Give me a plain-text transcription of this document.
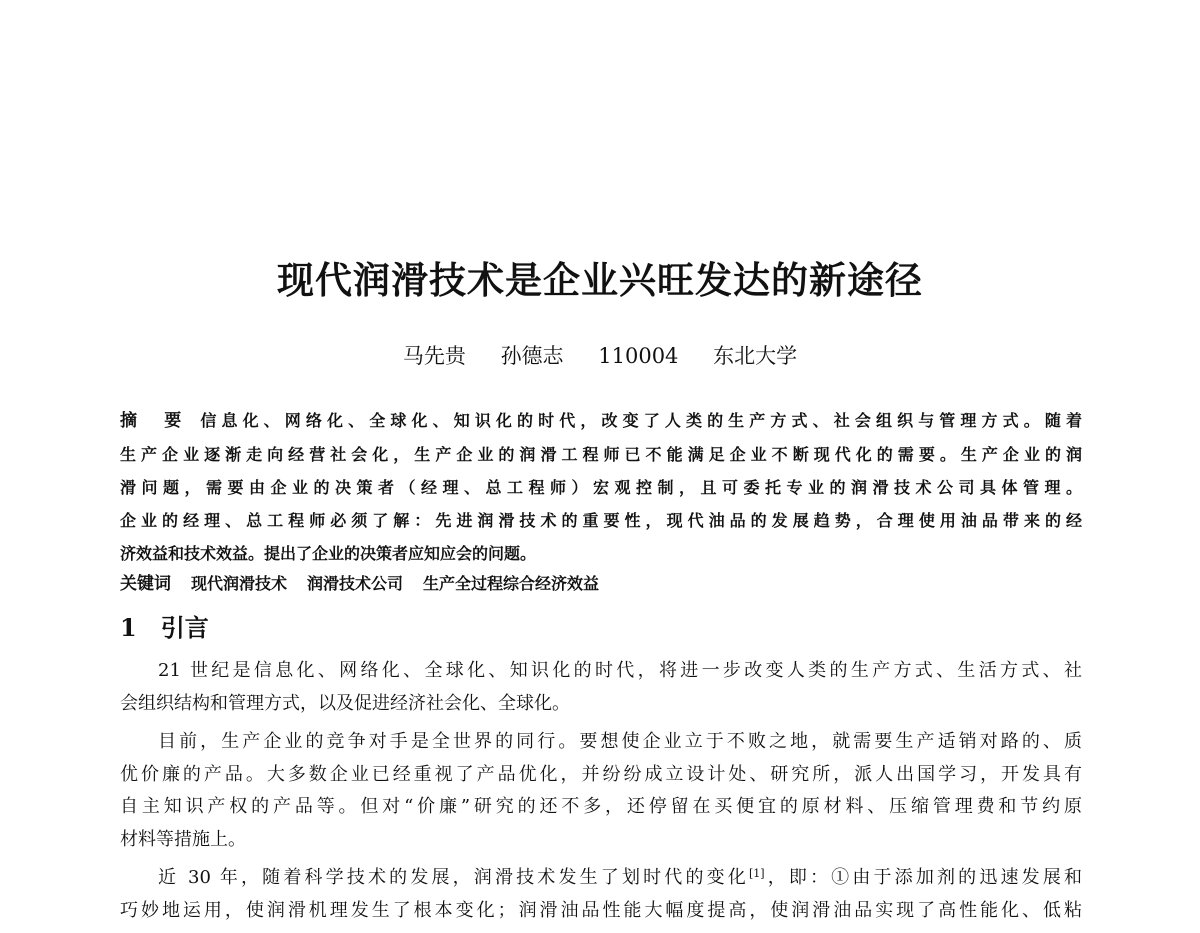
现代润滑技术是企业兴旺发达的新途径
马先贵 孙德志 110004 东北大学
摘　要 信息化、网络化、全球化、知识化的时代，改变了人类的生产方式、社会组织与管理方式。随着
生产企业逐渐走向经营社会化，生产企业的润滑工程师已不能满足企业不断现代化的需要。生产企业的润
滑问题，需要由企业的决策者（经理、总工程师）宏观控制，且可委托专业的润滑技术公司具体管理。
企业的经理、总工程师必须了解：先进润滑技术的重要性，现代油品的发展趋势，合理使用油品带来的经
济效益和技术效益。提出了企业的决策者应知应会的问题。
关键词 现代润滑技术 润滑技术公司 生产全过程综合经济效益
1 引言
21 世纪是信息化、网络化、全球化、知识化的时代，将进一步改变人类的生产方式、生活方式、社
会组织结构和管理方式，以及促进经济社会化、全球化。
目前，生产企业的竞争对手是全世界的同行。要想使企业立于不败之地，就需要生产适销对路的、质
优价廉的产品。大多数企业已经重视了产品优化，并纷纷成立设计处、研究所，派人出国学习，开发具有
自主知识产权的产品等。但对“价廉”研究的还不多，还停留在买便宜的原材料、压缩管理费和节约原
材料等措施上。
近 30 年，随着科学技术的发展，润滑技术发生了划时代的变化[1]，即：①由于添加剂的迅速发展和
巧妙地运用，使润滑机理发生了根本变化；润滑油品性能大幅度提高，使润滑油品实现了高性能化、低粘
